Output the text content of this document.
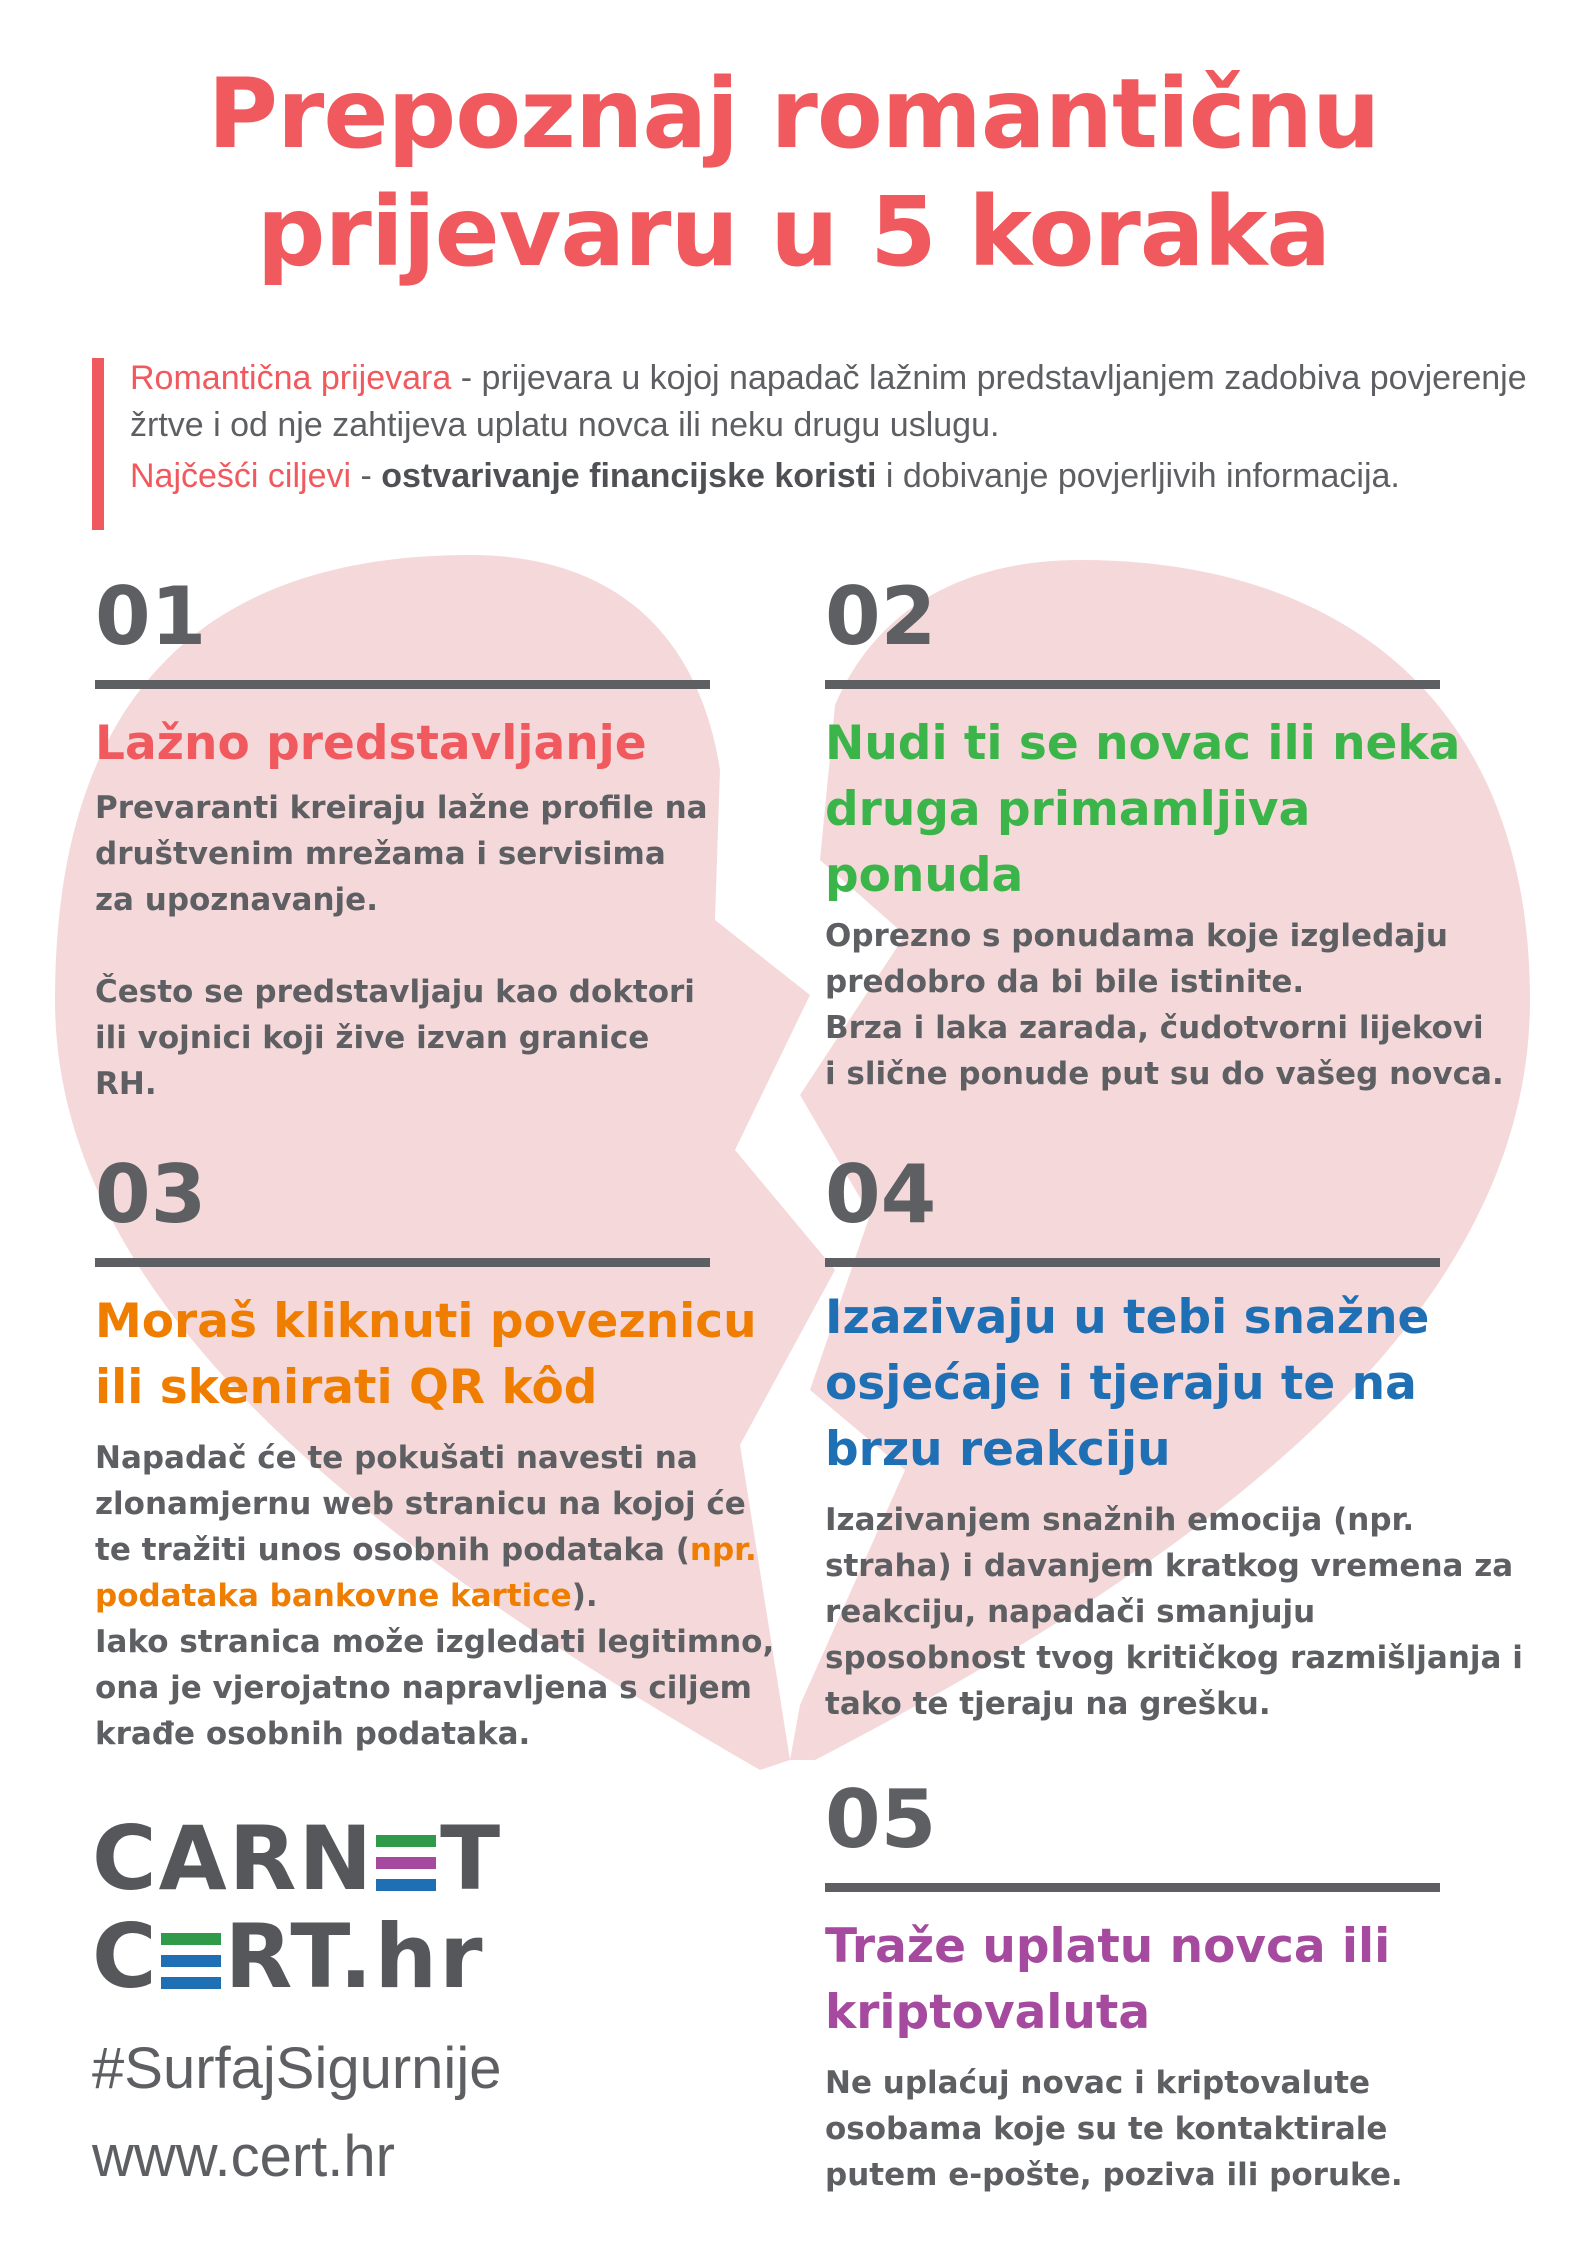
Prepoznaj romantičnu
prijevaru u 5 koraka

Romantična prijevara - prijevara u kojoj napadač lažnim predstavljanjem zadobiva povjerenje žrtve i od nje zahtijeva uplatu novca ili neku drugu uslugu.

Najčešći ciljevi - ostvarivanje financijske koristi i dobivanje povjerljivih informacija.

01
Lažno predstavljanje

Prevaranti kreiraju lažne profile na društvenim mrežama i servisima za upoznavanje.

Često se predstavljaju kao doktori ili vojnici koji žive izvan granice RH.

02
Nudi ti se novac ili neka druga primamljiva ponuda

Oprezno s ponudama koje izgledaju predobro da bi bile istinite.

Brza i laka zarada, čudotvorni lijekovi i slične ponude put su do vašeg novca.

03
Moraš kliknuti poveznicu ili skenirati QR kôd

Napadač će te pokušati navesti na zlonamjernu web stranicu na kojoj će te tražiti unos osobnih podataka (npr. podataka bankovne kartice).

Iako stranica može izgledati legitimno, ona je vjerojatno napravljena s ciljem krađe osobnih podataka.

04
Izazivaju u tebi snažne osjećaje i tjeraju te na brzu reakciju

Izazivanjem snažnih emocija (npr. straha) i davanjem kratkog vremena za reakciju, napadači smanjuju sposobnost tvog kritičkog razmišljanja i tako te tjeraju na grešku.

05
Traže uplatu novca ili kriptovaluta

Ne uplaćuj novac i kriptovalute osobama koje su te kontaktirale putem e-pošte, poziva ili poruke.

CARN T
C RT.hr
#SurfajSigurnije
www.cert.hr
